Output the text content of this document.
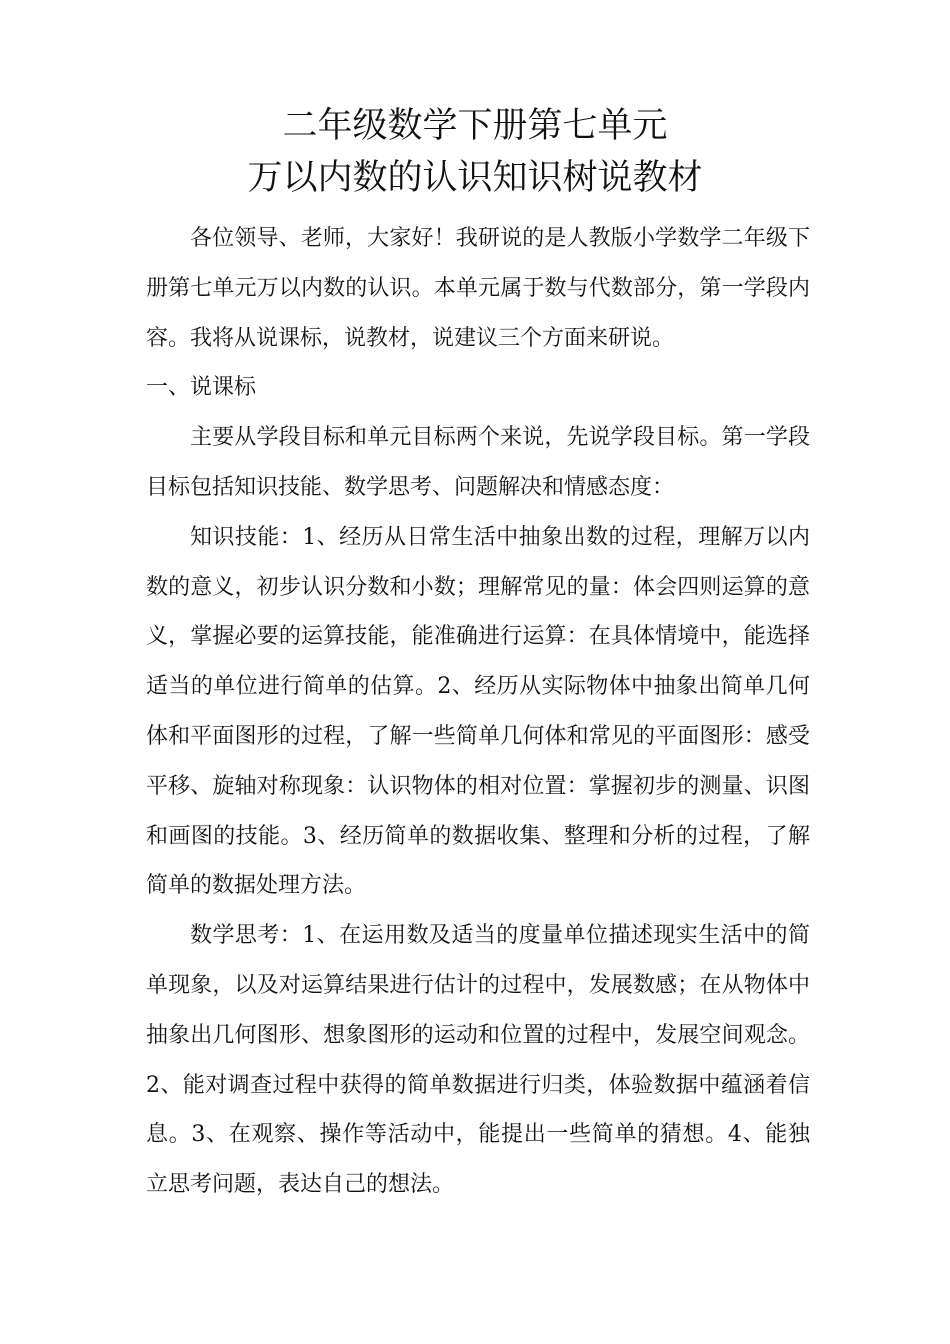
二年级数学下册第七单元
万以内数的认识知识树说教材

各位领导、老师，大家好！我研说的是人教版小学数学二年级下册第七单元万以内数的认识。本单元属于数与代数部分，第一学段内容。我将从说课标，说教材，说建议三个方面来研说。

一、说课标

主要从学段目标和单元目标两个来说，先说学段目标。第一学段目标包括知识技能、数学思考、问题解决和情感态度：

知识技能：1、经历从日常生活中抽象出数的过程，理解万以内数的意义，初步认识分数和小数；理解常见的量：体会四则运算的意义，掌握必要的运算技能，能准确进行运算：在具体情境中，能选择适当的单位进行简单的估算。2、经历从实际物体中抽象出简单几何体和平面图形的过程，了解一些简单几何体和常见的平面图形：感受平移、旋轴对称现象：认识物体的相对位置：掌握初步的测量、识图和画图的技能。3、经历简单的数据收集、整理和分析的过程，了解简单的数据处理方法。

数学思考：1、在运用数及适当的度量单位描述现实生活中的简单现象，以及对运算结果进行估计的过程中，发展数感；在从物体中抽象出几何图形、想象图形的运动和位置的过程中，发展空间观念。2、能对调查过程中获得的简单数据进行归类，体验数据中蕴涵着信息。3、在观察、操作等活动中，能提出一些简单的猜想。4、能独立思考问题，表达自己的想法。
